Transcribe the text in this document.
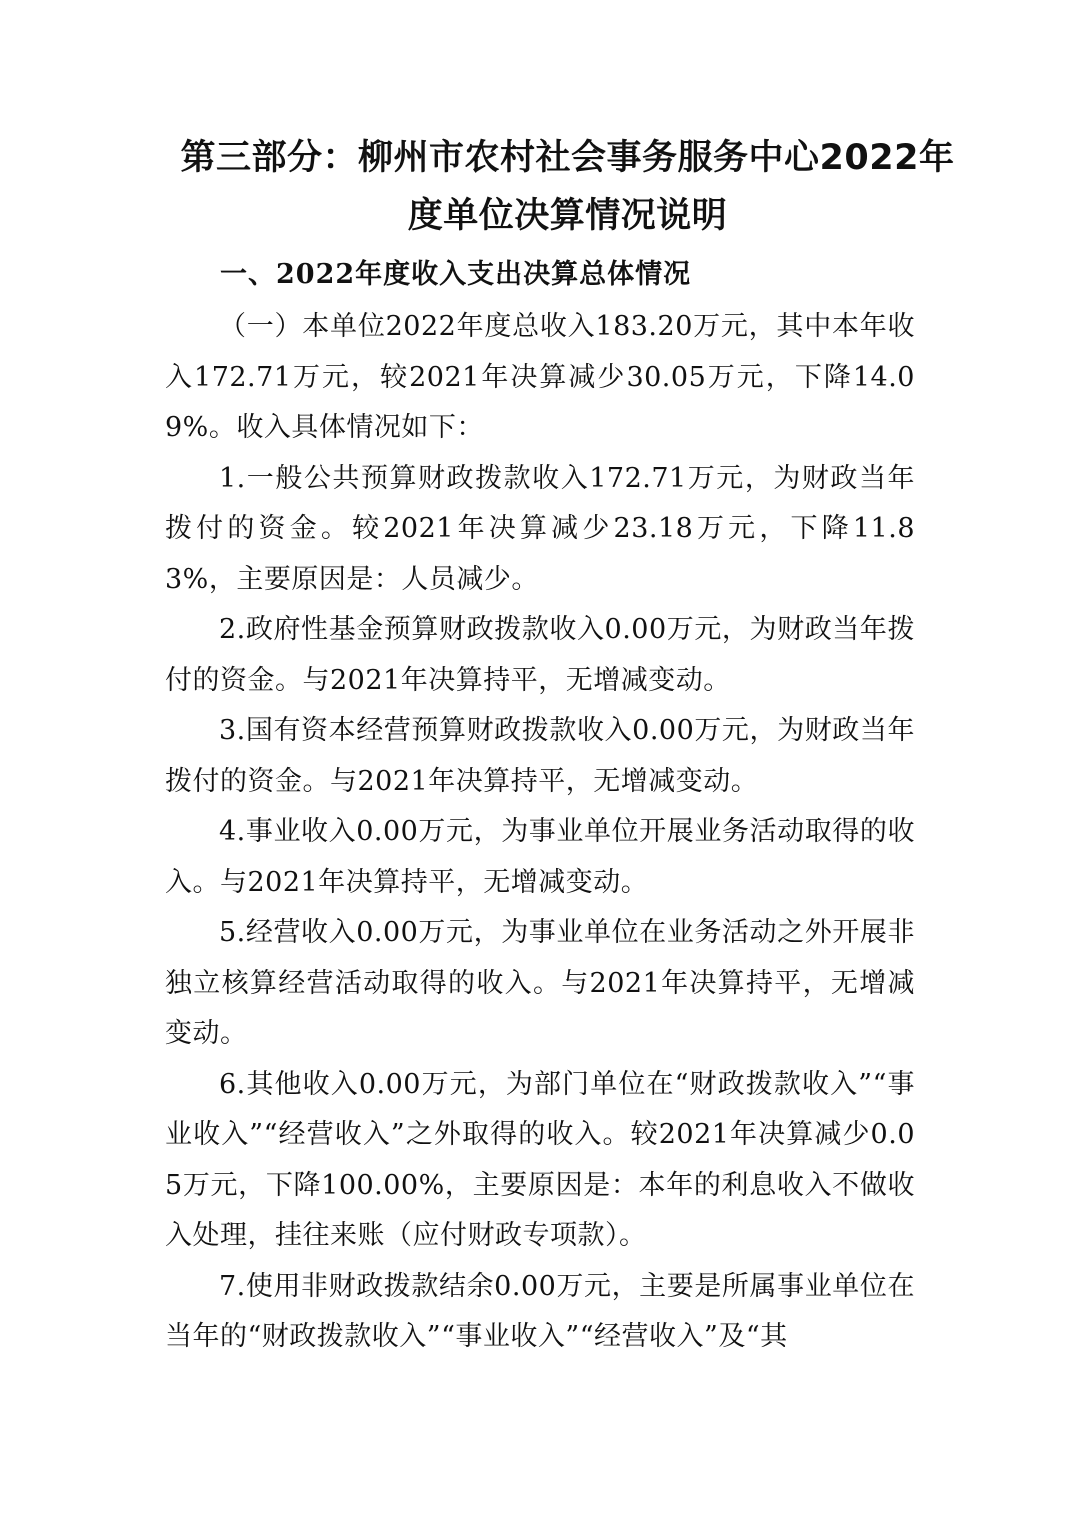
第三部分：柳州市农村社会事务服务中心2022年
度单位决算情况说明
一、2022年度收入支出决算总体情况

（一）本单位2022年度总收入183.20万元，其中本年收入172.71万元，较2021年决算减少30.05万元，下降14.09%。收入具体情况如下：

1.一般公共预算财政拨款收入172.71万元，为财政当年拨付的资金。较2021年决算减少23.18万元，下降11.83%，主要原因是：人员减少。

2.政府性基金预算财政拨款收入0.00万元，为财政当年拨付的资金。与2021年决算持平，无增减变动。

3.国有资本经营预算财政拨款收入0.00万元，为财政当年拨付的资金。与2021年决算持平，无增减变动。

4.事业收入0.00万元，为事业单位开展业务活动取得的收入。与2021年决算持平，无增减变动。

5.经营收入0.00万元，为事业单位在业务活动之外开展非独立核算经营活动取得的收入。与2021年决算持平，无增减变动。

6.其他收入0.00万元，为部门单位在“财政拨款收入”“事业收入”“经营收入”之外取得的收入。较2021年决算减少0.05万元，下降100.00%，主要原因是：本年的利息收入不做收入处理，挂往来账（应付财政专项款）。

7.使用非财政拨款结余0.00万元，主要是所属事业单位在当年的“财政拨款收入”“事业收入”“经营收入”及“其
